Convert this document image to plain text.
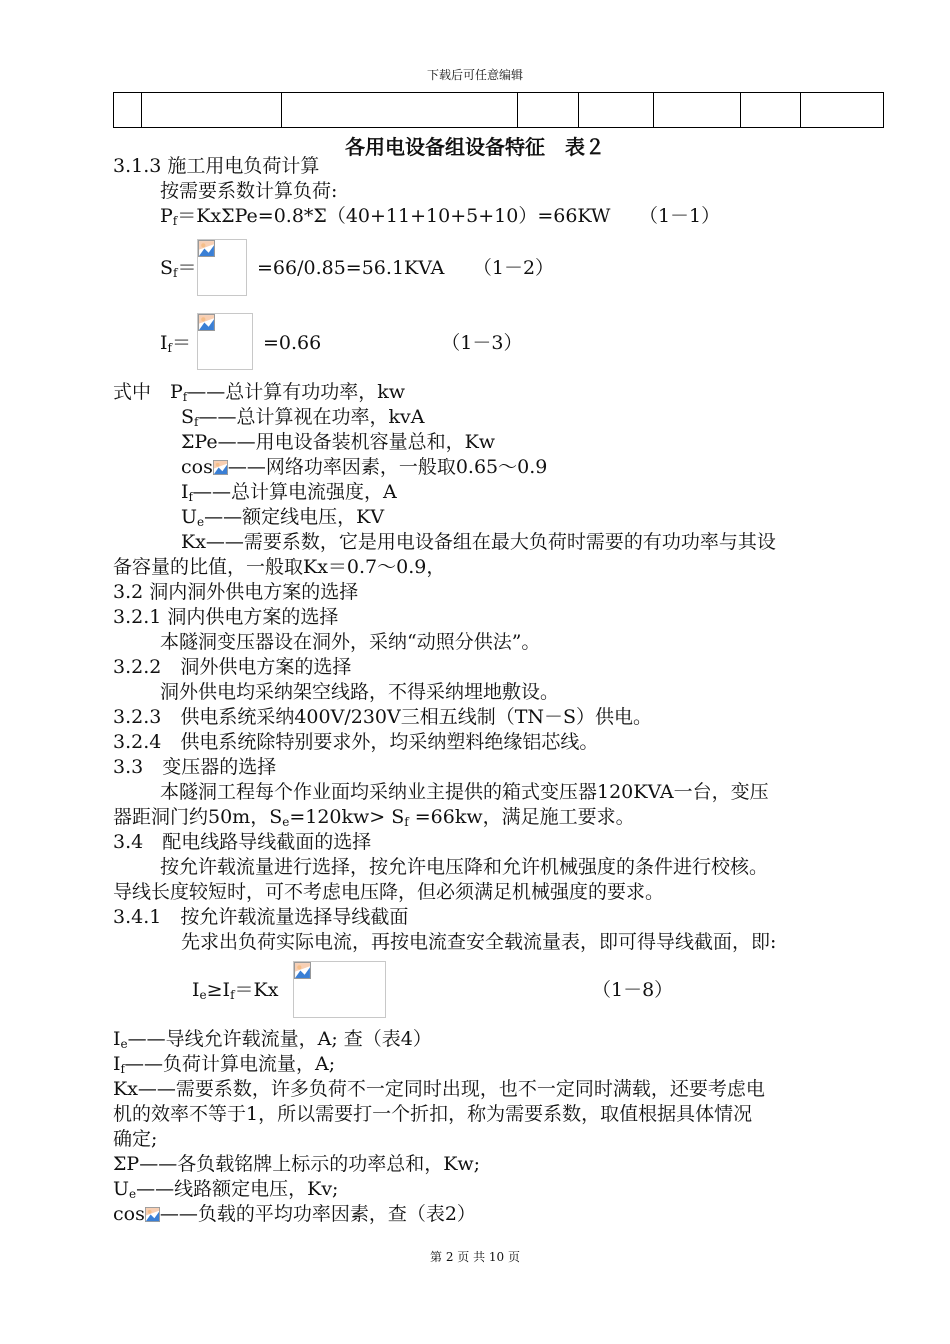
下载后可任意编辑
各用电设备组设备特征　表２
3.1.3 施工用电负荷计算
按需要系数计算负荷:
$P_f=Kx\Sigma Pe=0.8*\Sigma(40+11+10+5+10)=66KW$　　（1－1）
$S_f=$	=66/0.85=56.1KVA　　（1－2）
$I_f=$	=0.66　　　　　　 （1－3）
式中　$P_f——$总计算有功功率，kw
$S_f——$总计算视在功率，kvA
ΣPe——用电设备装机容量总和，Kw
cos ——网络功率因素，一般取0.65～0.9
$I_f——$总计算电流强度，A
$U_e——$额定线电压，KV
Kx——需要系数，它是用电设备组在最大负荷时需要的有功功率与其设
备容量的比值，一般取Kx＝0.7～0.9，
3.2 洞内洞外供电方案的选择
3.2.1 洞内供电方案的选择
本隧洞变压器设在洞外，采纳“动照分供法”。
3.2.2　洞外供电方案的选择
洞外供电均采纳架空线路，不得采纳埋地敷设。
3.2.3　供电系统采纳400V/230V三相五线制（TN－S）供电。
3.2.4　供电系统除特别要求外，均采纳塑料绝缘铝芯线。
3.3　变压器的选择
本隧洞工程每个作业面均采纳业主提供的箱式变压器120KVA一台，变压
器距洞门约50m，$S_e=120kw> S_f =66kw$，满足施工要求。
3.4　配电线路导线截面的选择
按允许载流量进行选择，按允许电压降和允许机械强度的条件进行校核。
导线长度较短时，可不考虑电压降，但必须满足机械强度的要求。
3.4.1　按允许载流量选择导线截面
先求出负荷实际电流，再按电流查安全载流量表，即可得导线截面，即:
$I_e\ge I_f=Kx$	（1－8）
$I_e——$导线允许载流量，A; 查（表4）
$I_f——$负荷计算电流量，A;
Kx——需要系数，许多负荷不一定同时出现，也不一定同时满载，还要考虑电
机的效率不等于1，所以需要打一个折扣，称为需要系数，取值根据具体情况
确定;
ΣP——各负载铭牌上标示的功率总和，Kw;
$U_e——$线路额定电压，Kv;
cos ——负载的平均功率因素，查（表2）
第 2 页 共 10 页
